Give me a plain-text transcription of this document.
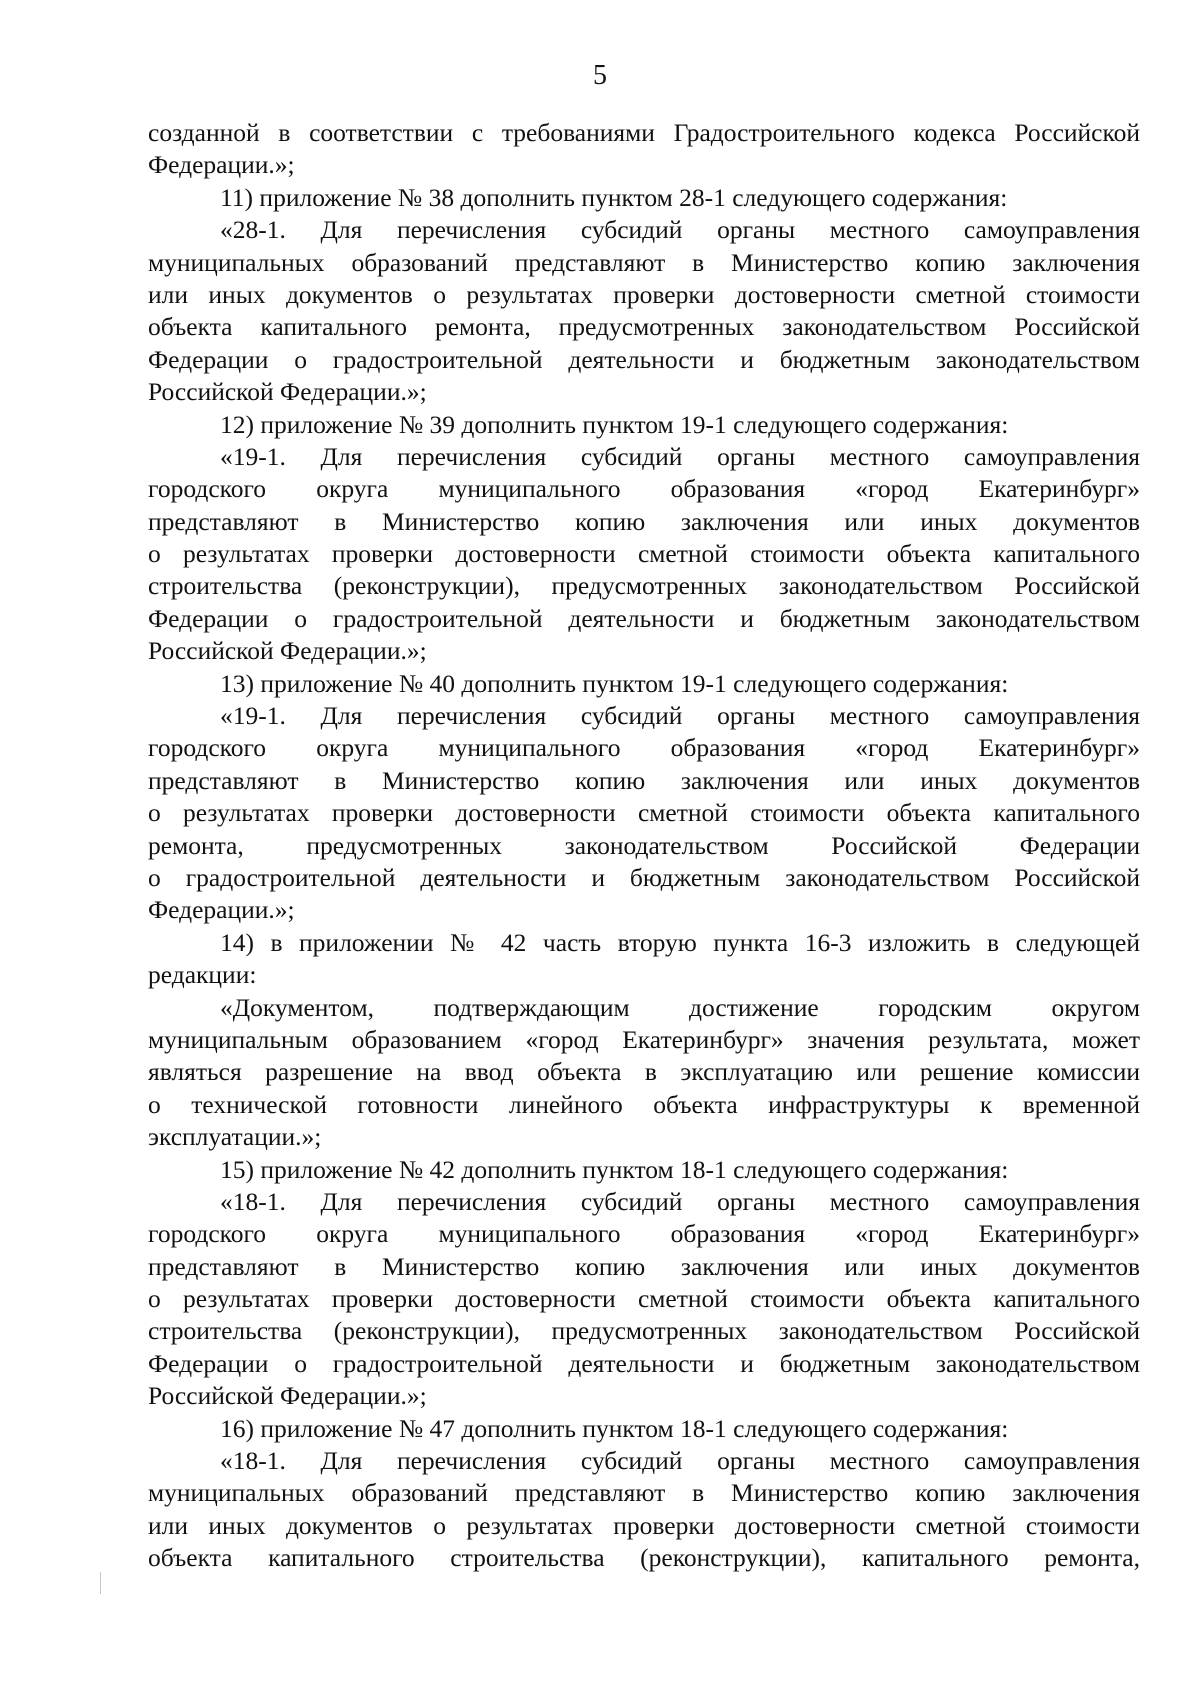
5
созданной в соответствии с требованиями Градостроительного кодекса Российской
Федерации.»;
11) приложение № 38 дополнить пунктом 28-1 следующего содержания:
«28-1. Для перечисления субсидий органы местного самоуправления
муниципальных образований представляют в Министерство копию заключения
или иных документов о результатах проверки достоверности сметной стоимости
объекта капитального ремонта, предусмотренных законодательством Российской
Федерации о градостроительной деятельности и бюджетным законодательством
Российской Федерации.»;
12) приложение № 39 дополнить пунктом 19-1 следующего содержания:
«19-1. Для перечисления субсидий органы местного самоуправления
городского округа муниципального образования «город Екатеринбург»
представляют в Министерство копию заключения или иных документов
о результатах проверки достоверности сметной стоимости объекта капитального
строительства (реконструкции), предусмотренных законодательством Российской
Федерации о градостроительной деятельности и бюджетным законодательством
Российской Федерации.»;
13) приложение № 40 дополнить пунктом 19-1 следующего содержания:
«19-1. Для перечисления субсидий органы местного самоуправления
городского округа муниципального образования «город Екатеринбург»
представляют в Министерство копию заключения или иных документов
о результатах проверки достоверности сметной стоимости объекта капитального
ремонта, предусмотренных законодательством Российской Федерации
о градостроительной деятельности и бюджетным законодательством Российской
Федерации.»;
14) в приложении № 42 часть вторую пункта 16-3 изложить в следующей
редакции:
«Документом, подтверждающим достижение городским округом
муниципальным образованием «город Екатеринбург» значения результата, может
являться разрешение на ввод объекта в эксплуатацию или решение комиссии
о технической готовности линейного объекта инфраструктуры к временной
эксплуатации.»;
15) приложение № 42 дополнить пунктом 18-1 следующего содержания:
«18-1. Для перечисления субсидий органы местного самоуправления
городского округа муниципального образования «город Екатеринбург»
представляют в Министерство копию заключения или иных документов
о результатах проверки достоверности сметной стоимости объекта капитального
строительства (реконструкции), предусмотренных законодательством Российской
Федерации о градостроительной деятельности и бюджетным законодательством
Российской Федерации.»;
16) приложение № 47 дополнить пунктом 18-1 следующего содержания:
«18-1. Для перечисления субсидий органы местного самоуправления
муниципальных образований представляют в Министерство копию заключения
или иных документов о результатах проверки достоверности сметной стоимости
объекта капитального строительства (реконструкции), капитального ремонта,
